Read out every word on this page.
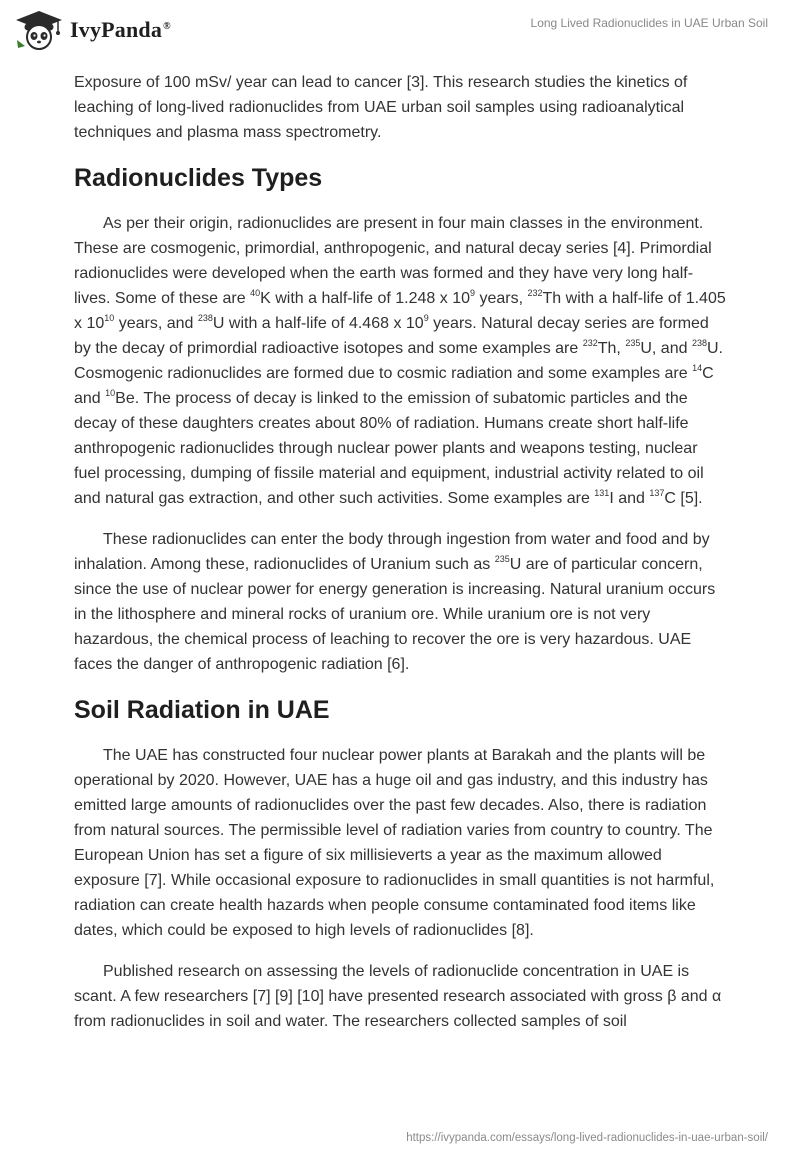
IvyPanda®	Long Lived Radionuclides in UAE Urban Soil

Exposure of 100 mSv/ year can lead to cancer [3]. This research studies the kinetics of leaching of long-lived radionuclides from UAE urban soil samples using radioanalytical techniques and plasma mass spectrometry.

Radionuclides Types

As per their origin, radionuclides are present in four main classes in the environment. These are cosmogenic, primordial, anthropogenic, and natural decay series [4]. Primordial radionuclides were developed when the earth was formed and they have very long half-lives. Some of these are $^{40}$K with a half-life of 1.248 x $10^9$ years, $^{232}$Th with a half-life of 1.405 x $10^{10}$ years, and $^{238}$U with a half-life of 4.468 x $10^9$ years. Natural decay series are formed by the decay of primordial radioactive isotopes and some examples are $^{232}$Th, $^{235}$U, and $^{238}$U. Cosmogenic radionuclides are formed due to cosmic radiation and some examples are $^{14}$C and $^{10}$Be. The process of decay is linked to the emission of subatomic particles and the decay of these daughters creates about 80% of radiation. Humans create short half-life anthropogenic radionuclides through nuclear power plants and weapons testing, nuclear fuel processing, dumping of fissile material and equipment, industrial activity related to oil and natural gas extraction, and other such activities. Some examples are $^{131}$I and $^{137}$C [5].

These radionuclides can enter the body through ingestion from water and food and by inhalation. Among these, radionuclides of Uranium such as $^{235}$U are of particular concern, since the use of nuclear power for energy generation is increasing. Natural uranium occurs in the lithosphere and mineral rocks of uranium ore. While uranium ore is not very hazardous, the chemical process of leaching to recover the ore is very hazardous. UAE faces the danger of anthropogenic radiation [6].

Soil Radiation in UAE

The UAE has constructed four nuclear power plants at Barakah and the plants will be operational by 2020. However, UAE has a huge oil and gas industry, and this industry has emitted large amounts of radionuclides over the past few decades. Also, there is radiation from natural sources. The permissible level of radiation varies from country to country. The European Union has set a figure of six millisieverts a year as the maximum allowed exposure [7]. While occasional exposure to radionuclides in small quantities is not harmful, radiation can create health hazards when people consume contaminated food items like dates, which could be exposed to high levels of radionuclides [8].

Published research on assessing the levels of radionuclide concentration in UAE is scant. A few researchers [7] [9] [10] have presented research associated with gross β and α from radionuclides in soil and water. The researchers collected samples of soil

https://ivypanda.com/essays/long-lived-radionuclides-in-uae-urban-soil/
